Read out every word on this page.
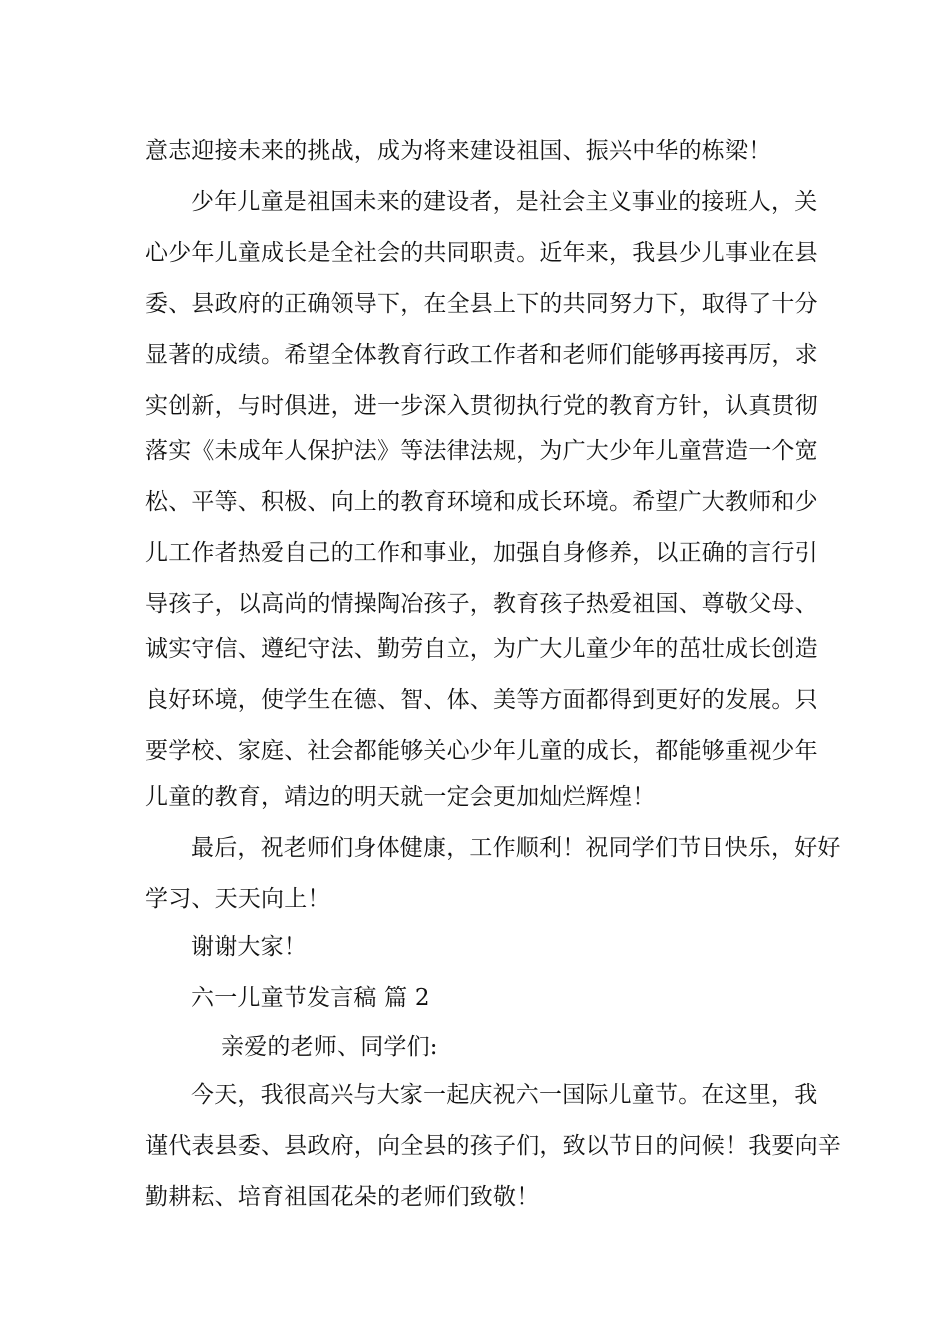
意志迎接未来的挑战，成为将来建设祖国、振兴中华的栋梁！
少年儿童是祖国未来的建设者，是社会主义事业的接班人，关
心少年儿童成长是全社会的共同职责。近年来，我县少儿事业在县
委、县政府的正确领导下，在全县上下的共同努力下，取得了十分
显著的成绩。希望全体教育行政工作者和老师们能够再接再厉，求
实创新，与时俱进，进一步深入贯彻执行党的教育方针，认真贯彻
落实《未成年人保护法》等法律法规，为广大少年儿童营造一个宽
松、平等、积极、向上的教育环境和成长环境。希望广大教师和少
儿工作者热爱自己的工作和事业，加强自身修养，以正确的言行引
导孩子，以高尚的情操陶冶孩子，教育孩子热爱祖国、尊敬父母、
诚实守信、遵纪守法、勤劳自立，为广大儿童少年的茁壮成长创造
良好环境，使学生在德、智、体、美等方面都得到更好的发展。只
要学校、家庭、社会都能够关心少年儿童的成长，都能够重视少年
儿童的教育，靖边的明天就一定会更加灿烂辉煌！
最后，祝老师们身体健康，工作顺利！祝同学们节日快乐，好好
学习、天天向上！
谢谢大家！
六一儿童节发言稿 篇 2
亲爱的老师、同学们:
今天，我很高兴与大家一起庆祝六一国际儿童节。在这里，我
谨代表县委、县政府，向全县的孩子们，致以节日的问候！我要向辛
勤耕耘、培育祖国花朵的老师们致敬！
